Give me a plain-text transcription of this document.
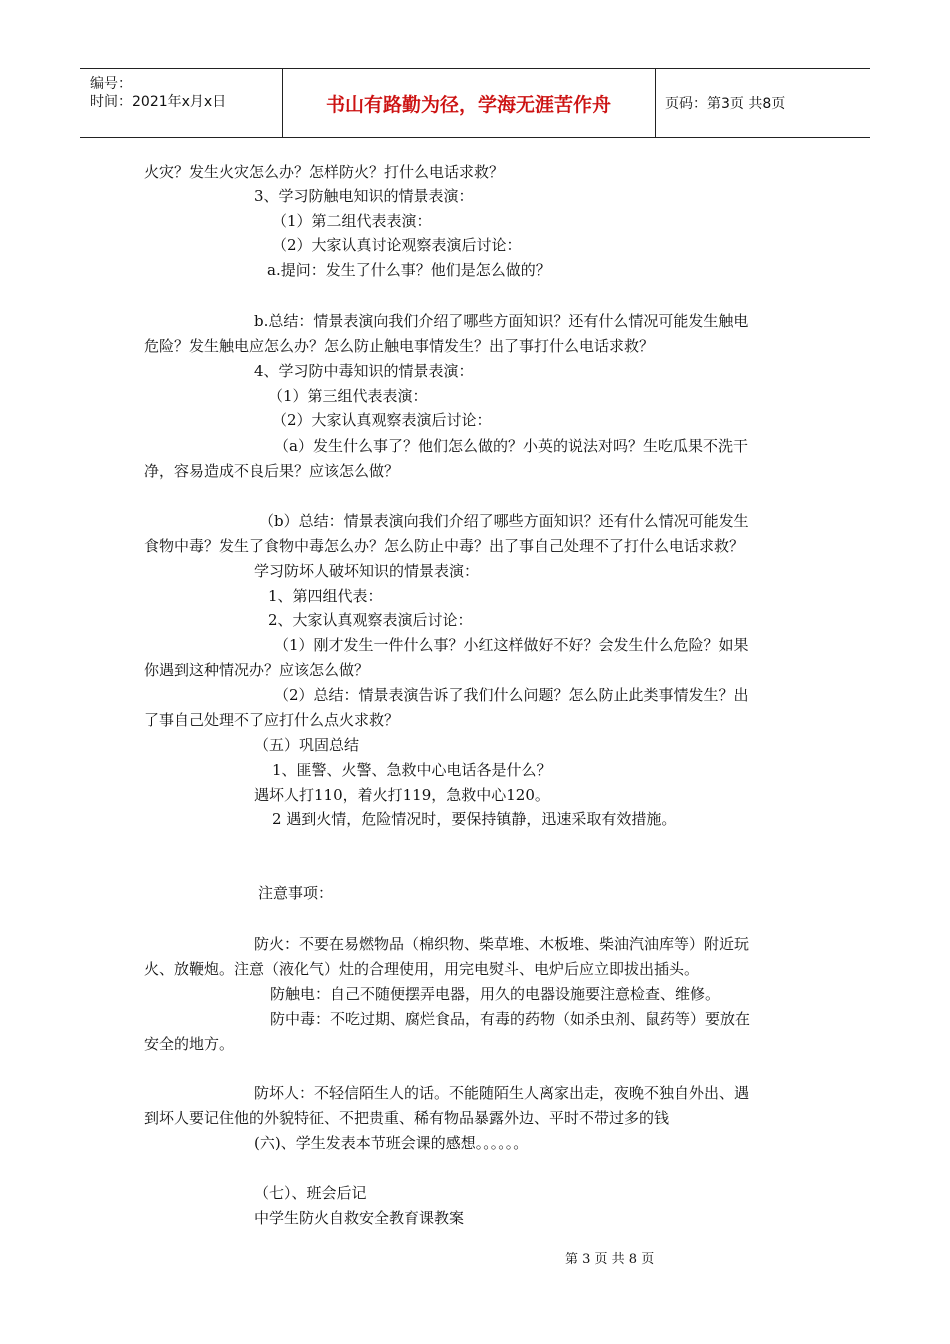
编号：
时间：2021年x月x日	书山有路勤为径，学海无涯苦作舟	页码：第3页 共8页
火灾？发生火灾怎么办？怎样防火？打什么电话求救？
3、学习防触电知识的情景表演：
（1）第二组代表表演：
（2）大家认真讨论观察表演后讨论：
a.提问：发生了什么事？他们是怎么做的？
b.总结：情景表演向我们介绍了哪些方面知识？还有什么情况可能发生触电
危险？发生触电应怎么办？怎么防止触电事情发生？出了事打什么电话求救？
4、学习防中毒知识的情景表演：
（1）第三组代表表演：
（2）大家认真观察表演后讨论：
（a）发生什么事了？他们怎么做的？小英的说法对吗？生吃瓜果不洗干
净，容易造成不良后果？应该怎么做？
（b）总结：情景表演向我们介绍了哪些方面知识？还有什么情况可能发生
食物中毒？发生了食物中毒怎么办？怎么防止中毒？出了事自己处理不了打什么电话求救？
学习防坏人破坏知识的情景表演：
1、第四组代表：
2、大家认真观察表演后讨论：
（1）刚才发生一件什么事？小红这样做好不好？会发生什么危险？如果
你遇到这种情况办？应该怎么做？
（2）总结：情景表演告诉了我们什么问题？怎么防止此类事情发生？出
了事自己处理不了应打什么点火求救？
（五）巩固总结
1、匪警、火警、急救中心电话各是什么？
遇坏人打110，着火打119，急救中心120。
2 遇到火情，危险情况时，要保持镇静，迅速采取有效措施。
注意事项：
防火：不要在易燃物品（棉织物、柴草堆、木板堆、柴油汽油库等）附近玩
火、放鞭炮。注意（液化气）灶的合理使用，用完电熨斗、电炉后应立即拔出插头。
防触电：自己不随便摆弄电器，用久的电器设施要注意检查、维修。
防中毒：不吃过期、腐烂食品，有毒的药物（如杀虫剂、鼠药等）要放在
安全的地方。
防坏人：不轻信陌生人的话。不能随陌生人离家出走，夜晚不独自外出、遇
到坏人要记住他的外貌特征、不把贵重、稀有物品暴露外边、平时不带过多的钱
(六)、学生发表本节班会课的感想。。。。。。
（七）、班会后记
中学生防火自救安全教育课教案
第 3 页 共 8 页
